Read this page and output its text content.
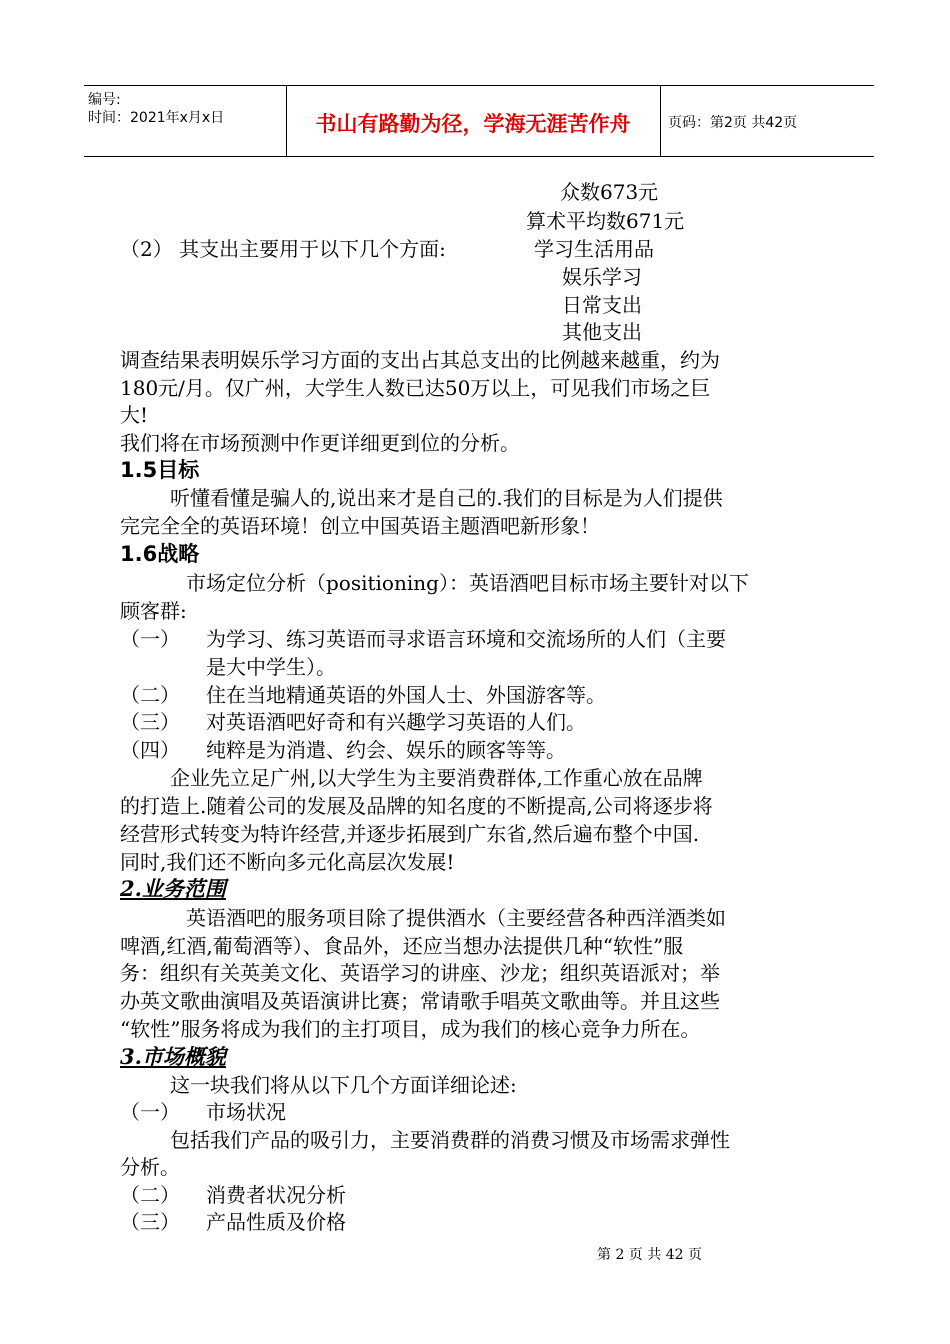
编号:
时间：2021年x月x日	书山有路勤为径，学海无涯苦作舟	页码：第2页 共42页
众数673元
算术平均数671元
（2） 其支出主要用于以下几个方面:	学习生活用品
娱乐学习
日常支出
其他支出
调查结果表明娱乐学习方面的支出占其总支出的比例越来越重，约为
180元/月。仅广州，大学生人数已达50万以上，可见我们市场之巨
大!
我们将在市场预测中作更详细更到位的分析。
1.5目标
听懂看懂是骗人的,说出来才是自己的.我们的目标是为人们提供
完完全全的英语环境！创立中国英语主题酒吧新形象！
1.6战略
市场定位分析（positioning）：英语酒吧目标市场主要针对以下
顾客群:
（一） 为学习、练习英语而寻求语言环境和交流场所的人们（主要
是大中学生）。
（二） 住在当地精通英语的外国人士、外国游客等。
（三） 对英语酒吧好奇和有兴趣学习英语的人们。
（四） 纯粹是为消遣、约会、娱乐的顾客等等。
企业先立足广州,以大学生为主要消费群体,工作重心放在品牌
的打造上.随着公司的发展及品牌的知名度的不断提高,公司将逐步将
经营形式转变为特许经营,并逐步拓展到广东省,然后遍布整个中国.
同时,我们还不断向多元化高层次发展!
2.业务范围
英语酒吧的服务项目除了提供酒水（主要经营各种西洋酒类如
啤酒,红酒,葡萄酒等）、食品外，还应当想办法提供几种“软性”服
务：组织有关英美文化、英语学习的讲座、沙龙；组织英语派对；举
办英文歌曲演唱及英语演讲比赛；常请歌手唱英文歌曲等。并且这些
“软性”服务将成为我们的主打项目，成为我们的核心竞争力所在。
3.市场概貌
这一块我们将从以下几个方面详细论述:
（一） 市场状况
包括我们产品的吸引力，主要消费群的消费习惯及市场需求弹性
分析。
（二） 消费者状况分析
（三） 产品性质及价格
第 2 页 共 42 页
